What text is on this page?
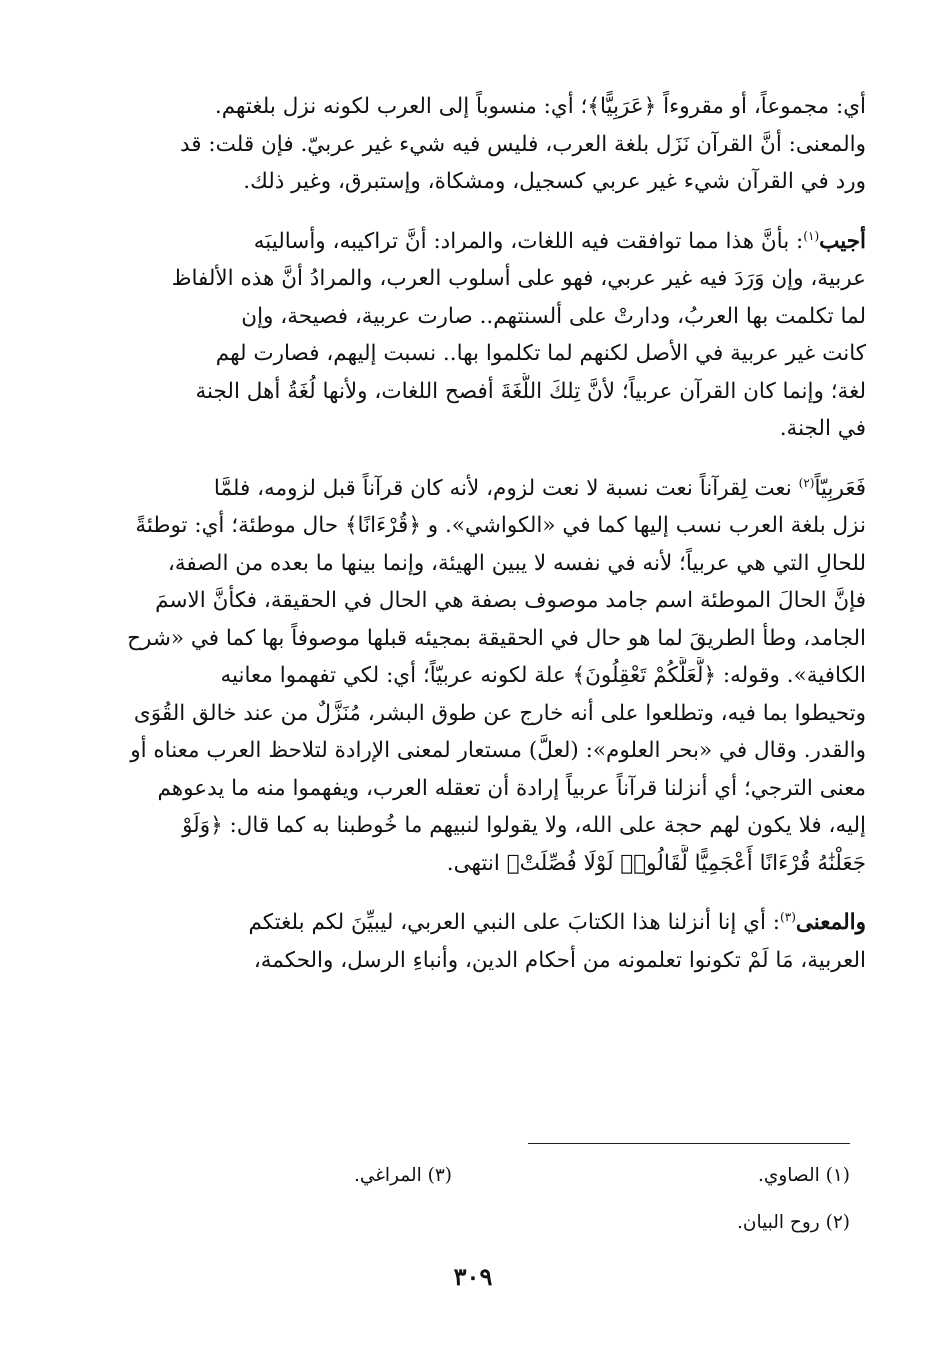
أي: مجموعاً، أو مقروءاً ﴿عَرَبِيًّا﴾؛ أي: منسوباً إلى العرب لكونه نزل بلغتهم.
والمعنى: أنَّ القرآن نَزَل بلغة العرب، فليس فيه شيء غير عربيّ. فإن قلت: قد
ورد في القرآن شيء غير عربي كسجيل، ومشكاة، وإستبرق، وغير ذلك.
أجيب$^{(١)}$: بأنَّ هذا مما توافقت فيه اللغات، والمراد: أنَّ تراكيبه، وأساليبَه
عربية، وإن وَرَدَ فيه غير عربي، فهو على أسلوب العرب، والمرادُ أنَّ هذه الألفاظ
لما تكلمت بها العربُ، ودارتْ على ألسنتهم.. صارت عربية، فصيحة، وإن
كانت غير عربية في الأصل لكنهم لما تكلموا بها.. نسبت إليهم، فصارت لهم
لغة؛ وإنما كان القرآن عربياً؛ لأنَّ تِلكَ اللُّغَةَ أفصح اللغات، ولأنها لُغَةُ أهل الجنة
في الجنة.
فَعَربِيّاً$^{(٢)}$ نعت لِقرآناً نعت نسبة لا نعت لزوم، لأنه كان قرآناً قبل لزومه، فلمَّا
نزل بلغة العرب نسب إليها كما في «الكواشي». و ﴿قُرْءَانًا﴾ حال موطئة؛ أي: توطئةً
للحالِ التي هي عربياً؛ لأنه في نفسه لا يبين الهيئة، وإنما بينها ما بعده من الصفة،
فإنَّ الحالَ الموطئة اسم جامد موصوف بصفة هي الحال في الحقيقة، فكأنَّ الاسمَ
الجامد، وطأ الطريقَ لما هو حال في الحقيقة بمجيئه قبلها موصوفاً بها كما في «شرح
الكافية». وقوله: ﴿لَّعَلَّكُمْ تَعْقِلُونَ﴾ علة لكونه عربيّاً؛ أي: لكي تفهموا معانيه
وتحيطوا بما فيه، وتطلعوا على أنه خارج عن طوق البشر، مُنَزَّلٌ من عند خالق القُوَى
والقدر. وقال في «بحر العلوم»: (لعلَّ) مستعار لمعنى الإرادة لتلاحظ العرب معناه أو
معنى الترجي؛ أي أنزلنا قرآناً عربياً إرادة أن تعقله العرب، ويفهموا منه ما يدعوهم
إليه، فلا يكون لهم حجة على الله، ولا يقولوا لنبيهم ما خُوطبنا به كما قال: ﴿وَلَوْ
جَعَلْنَٰهُ قُرْءَانًا أَعْجَمِيًّا لَّقَالُوا۟ لَوْلَا فُصِّلَتْ﴾ انتهى.
والمعنى$^{(٣)}$: أي إنا أنزلنا هذا الكتابَ على النبي العربي، ليبيِّنَ لكم بلغتكم
العربية، مَا لَمْ تكونوا تعلمونه من أحكام الدين، وأنباءِ الرسل، والحكمة،
(١) الصاوي.
(٣) المراغي.
(٢) روح البيان.
٣٠٩
